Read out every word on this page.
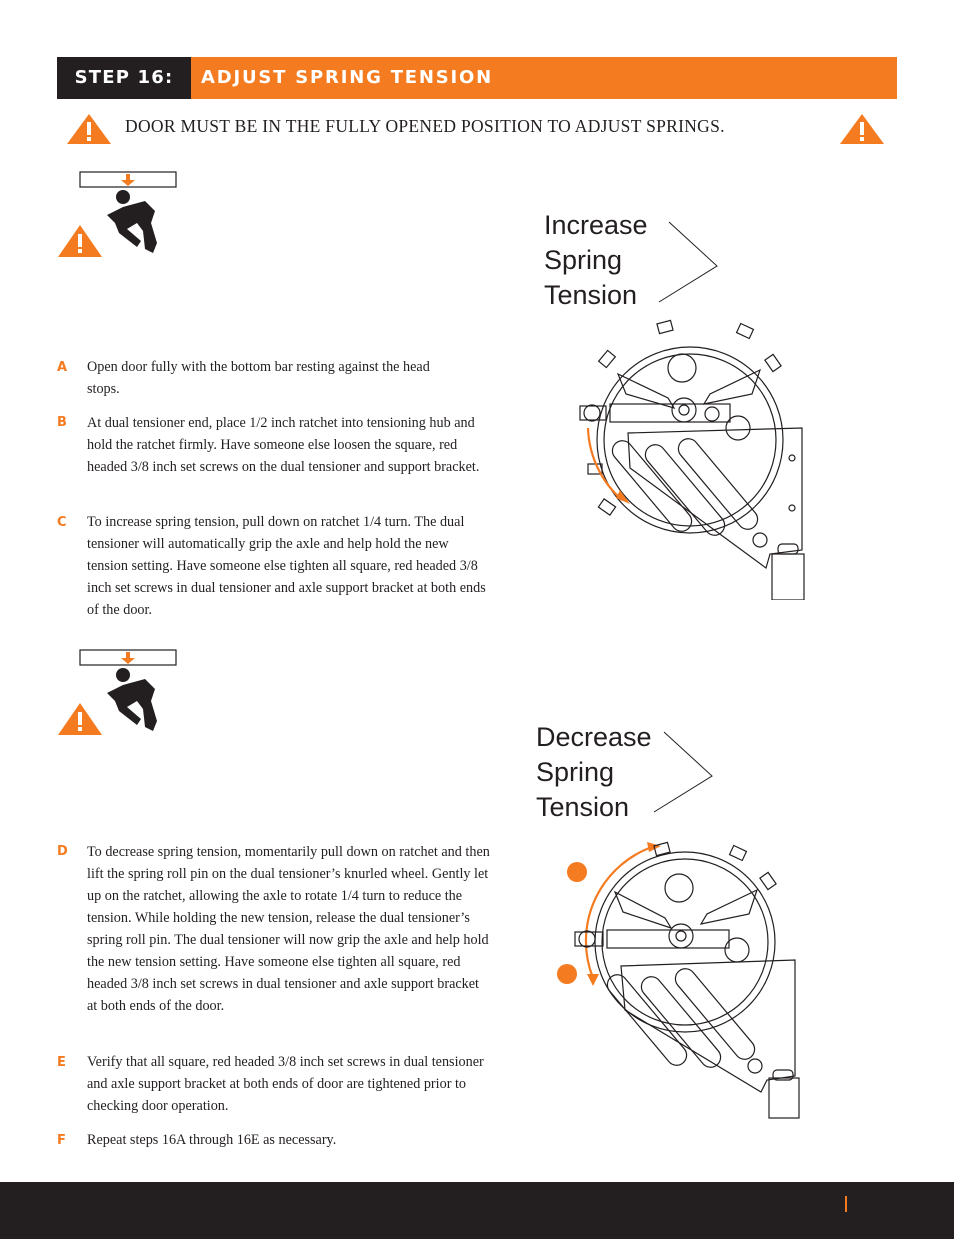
STEP 16:	ADJUST SPRING TENSION
DOOR MUST BE IN THE FULLY OPENED POSITION TO ADJUST SPRINGS.
A Open door fully with the bottom bar resting against the head stops.
B At dual tensioner end, place 1/2 inch ratchet into tensioning hub and hold the ratchet firmly. Have someone else loosen the square, red headed 3/8 inch set screws on the dual tensioner and support bracket.
C To increase spring tension, pull down on ratchet 1/4 turn. The dual tensioner will automatically grip the axle and help hold the new tension setting. Have someone else tighten all square, red headed 3/8 inch set screws in dual tensioner and axle support bracket at both ends of the door.
D To decrease spring tension, momentarily pull down on ratchet and then lift the spring roll pin on the dual tensioner’s knurled wheel. Gently let up on the ratchet, allowing the axle to rotate 1/4 turn to reduce the tension. While holding the new tension, release the dual tensioner’s spring roll pin. The dual tensioner will now grip the axle and help hold the new tension setting. Have someone else tighten all square, red headed 3/8 inch set screws in dual tensioner and axle support bracket at both ends of the door.
E Verify that all square, red headed 3/8 inch set screws in dual tensioner and axle support bracket at both ends of door are tightened prior to checking door operation.
F Repeat steps 16A through 16E as necessary.
Increase
Spring
Tension
Decrease
Spring
Tension
